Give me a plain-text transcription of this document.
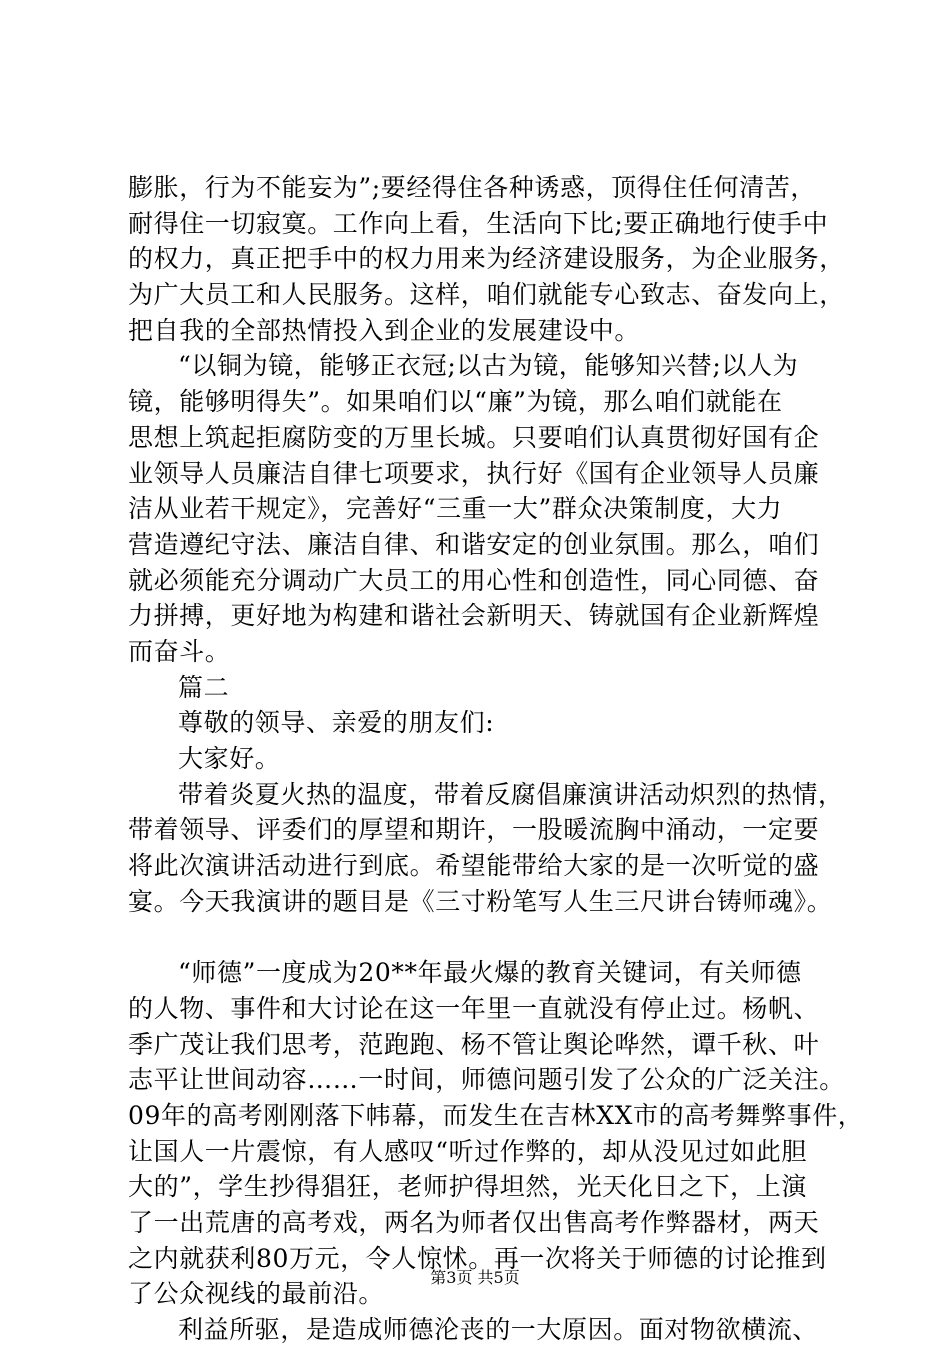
膨胀，行为不能妄为”;要经得住各种诱惑，顶得住任何清苦，
耐得住一切寂寞。工作向上看，生活向下比;要正确地行使手中
的权力，真正把手中的权力用来为经济建设服务，为企业服务，
为广大员工和人民服务。这样，咱们就能专心致志、奋发向上，
把自我的全部热情投入到企业的发展建设中。
“以铜为镜，能够正衣冠;以古为镜，能够知兴替;以人为
镜，能够明得失”。如果咱们以“廉”为镜，那么咱们就能在
思想上筑起拒腐防变的万里长城。只要咱们认真贯彻好国有企
业领导人员廉洁自律七项要求，执行好《国有企业领导人员廉
洁从业若干规定》，完善好“三重一大”群众决策制度，大力
营造遵纪守法、廉洁自律、和谐安定的创业氛围。那么，咱们
就必须能充分调动广大员工的用心性和创造性，同心同德、奋
力拼搏，更好地为构建和谐社会新明天、铸就国有企业新辉煌
而奋斗。
篇二
尊敬的领导、亲爱的朋友们:
大家好。
带着炎夏火热的温度，带着反腐倡廉演讲活动炽烈的热情，
带着领导、评委们的厚望和期许，一股暖流胸中涌动，一定要
将此次演讲活动进行到底。希望能带给大家的是一次听觉的盛
宴。今天我演讲的题目是《三寸粉笔写人生三尺讲台铸师魂》。
“师德”一度成为20**年最火爆的教育关键词，有关师德
的人物、事件和大讨论在这一年里一直就没有停止过。杨帆、
季广茂让我们思考，范跑跑、杨不管让舆论哗然，谭千秋、叶
志平让世间动容……一时间，师德问题引发了公众的广泛关注。
09年的高考刚刚落下帏幕，而发生在吉林XX市的高考舞弊事件，
让国人一片震惊，有人感叹“听过作弊的，却从没见过如此胆
大的”，学生抄得猖狂，老师护得坦然，光天化日之下，上演
了一出荒唐的高考戏，两名为师者仅出售高考作弊器材，两天
之内就获利80万元，令人惊怵。再一次将关于师德的讨论推到
了公众视线的最前沿。
利益所驱，是造成师德沦丧的一大原因。面对物欲横流、
第3页 共5页
